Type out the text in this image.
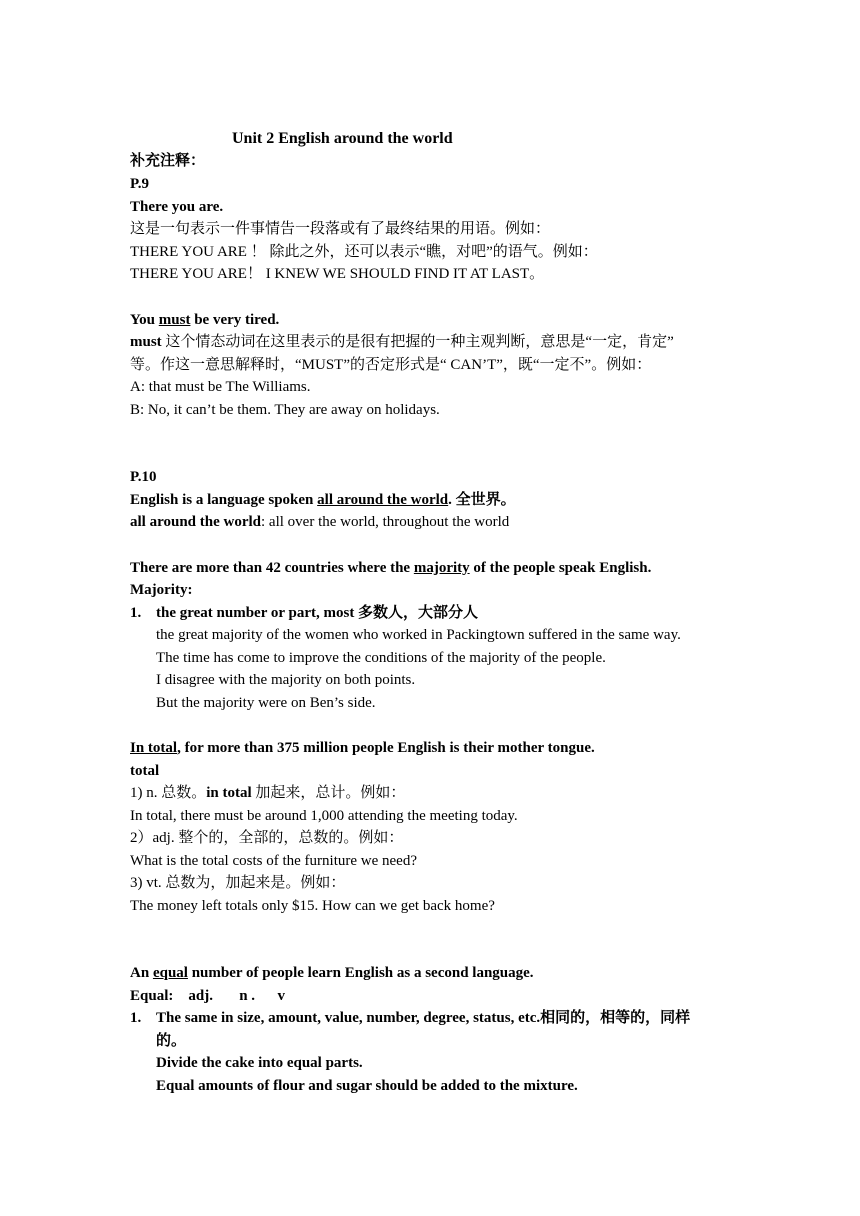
Unit 2 English around the world
补充注释：
P.9
There you are.
这是一句表示一件事情告一段落或有了最终结果的用语。例如：
THERE YOU ARE ！ 除此之外，还可以表示“瞧，对吧”的语气。例如：
THERE YOU ARE！ I KNEW WE SHOULD FIND IT AT LAST。
You must be very tired.
must 这个情态动词在这里表示的是很有把握的一种主观判断，意思是“一定，肯定”
等。作这一意思解释时，“MUST”的否定形式是“ CAN’T”，既“一定不”。例如：
A: that must be The Williams.
B: No, it can’t be them. They are away on holidays.
P.10
English is a language spoken all around the world. 全世界。
all around the world: all over the world, throughout the world
There are more than 42 countries where the majority of the people speak English.
Majority:
1. the great number or part, most 多数人，大部分人
the great majority of the women who worked in Packingtown suffered in the same way.
The time has come to improve the conditions of the majority of the people.
I disagree with the majority on both points.
But the majority were on Ben’s side.
In total, for more than 375 million people English is their mother tongue.
total
1) n. 总数。in total 加起来，总计。例如：
In total, there must be around 1,000 attending the meeting today.
2）adj. 整个的，全部的，总数的。例如：
What is the total costs of the furniture we need?
3) vt. 总数为，加起来是。例如：
The money left totals only $15. How can we get back home?
An equal number of people learn English as a second language.
Equal:    adj.       n .      v
1. The same in size, amount, value, number, degree, status, etc.相同的，相等的，同样
的。
Divide the cake into equal parts.
Equal amounts of flour and sugar should be added to the mixture.
